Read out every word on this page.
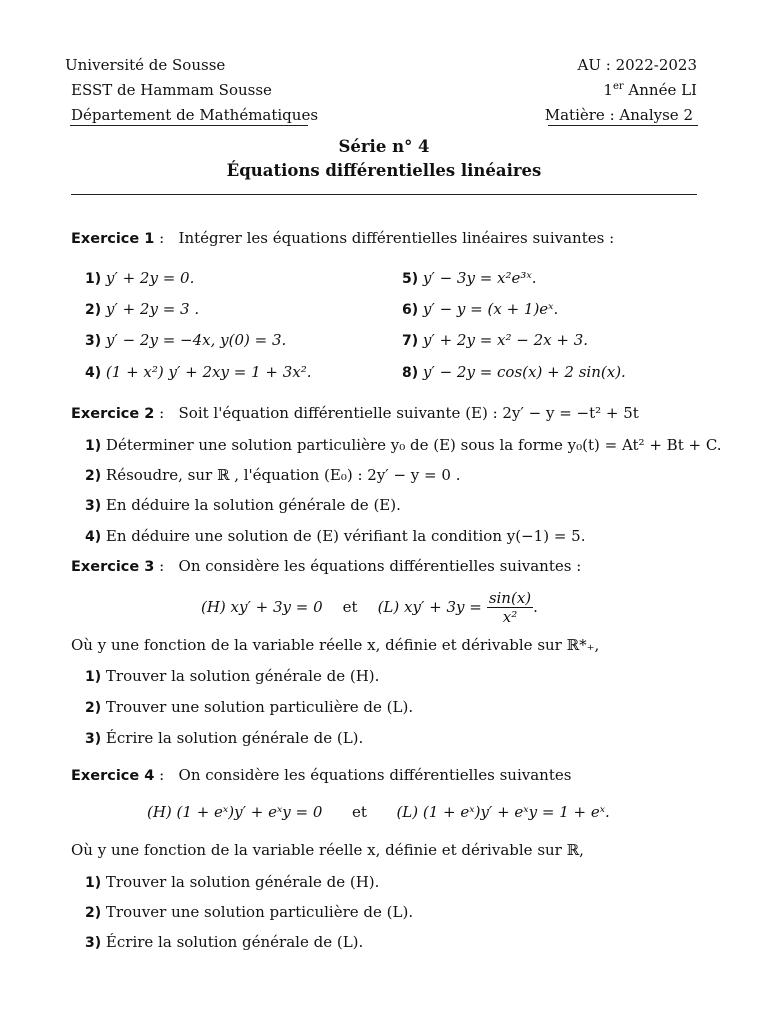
Université de Sousse
ESST de Hammam Sousse
Département de Mathématiques
AU : 2022-2023
1er Année LI
Matière : Analyse 2
Série n° 4
Équations différentielles linéaires
Exercice 1 :   Intégrer les équations différentielles linéaires suivantes :
1) y′ + 2y = 0.
2) y′ + 2y = 3 .
3) y′ − 2y = −4x, y(0) = 3.
4) (1 + x²) y′ + 2xy = 1 + 3x².
5) y′ − 3y = x²e³ˣ.
6) y′ − y = (x + 1)eˣ.
7) y′ + 2y = x² − 2x + 3.
8) y′ − 2y = cos(x) + 2 sin(x).
Exercice 2 :   Soit l'équation différentielle suivante (E) : 2y′ − y = −t² + 5t
1) Déterminer une solution particulière y₀ de (E) sous la forme y₀(t) = At² + Bt + C.
2) Résoudre, sur ℝ , l'équation (E₀) : 2y′ − y = 0 .
3) En déduire la solution générale de (E).
4) En déduire une solution de (E) vérifiant la condition y(−1) = 5.
Exercice 3 :   On considère les équations différentielles suivantes :
(H) xy′ + 3y = 0 et (L) $xy' + 3y = \frac{\sin(x)}{\text{x²}}$ .
Où y une fonction de la variable réelle x, définie et dérivable sur ℝ*₊,
1) Trouver la solution générale de (H).
2) Trouver une solution particulière de (L).
3) Écrire la solution générale de (L).
Exercice 4 :   On considère les équations différentielles suivantes
(H) (1 + eˣ)y′ + eˣy = 0 et (L) (1 + eˣ)y′ + eˣy = 1 + eˣ.
Où y une fonction de la variable réelle x, définie et dérivable sur ℝ,
1) Trouver la solution générale de (H).
2) Trouver une solution particulière de (L).
3) Écrire la solution générale de (L).
